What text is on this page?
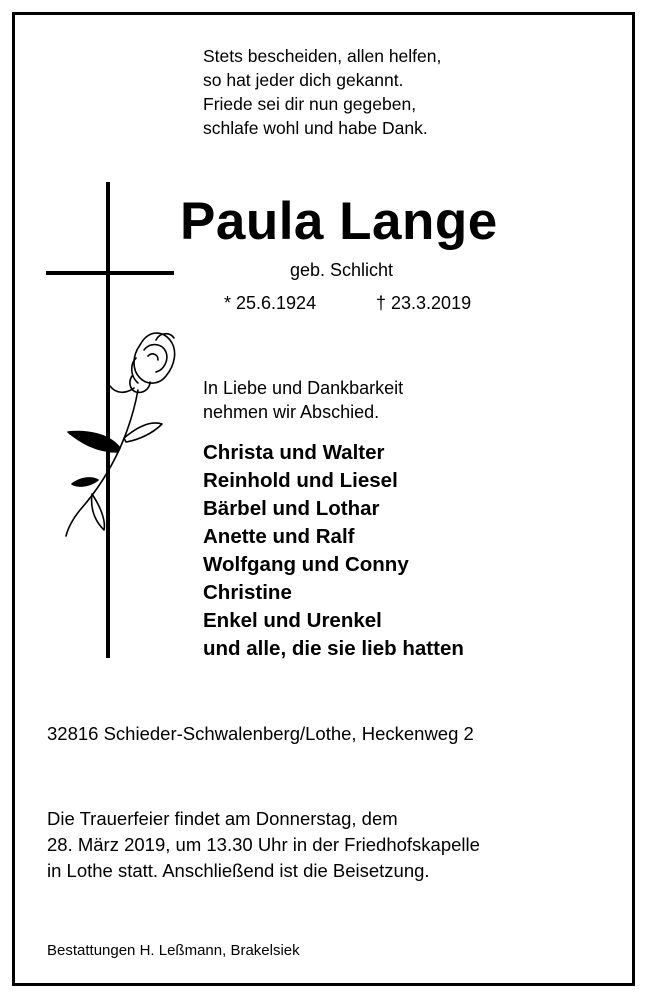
Stets bescheiden, allen helfen,
so hat jeder dich gekannt.
Friede sei dir nun gegeben,
schlafe wohl und habe Dank.
Paula Lange
geb. Schlicht
* 25.6.1924	† 23.3.2019
In Liebe und Dankbarkeit
nehmen wir Abschied.
Christa und Walter
Reinhold und Liesel
Bärbel und Lothar
Anette und Ralf
Wolfgang und Conny
Christine
Enkel und Urenkel
und alle, die sie lieb hatten
32816 Schieder-Schwalenberg/Lothe, Heckenweg 2
Die Trauerfeier findet am Donnerstag, dem
28. März 2019, um 13.30 Uhr in der Friedhofskapelle
in Lothe statt. Anschließend ist die Beisetzung.
Bestattungen H. Leßmann, Brakelsiek
